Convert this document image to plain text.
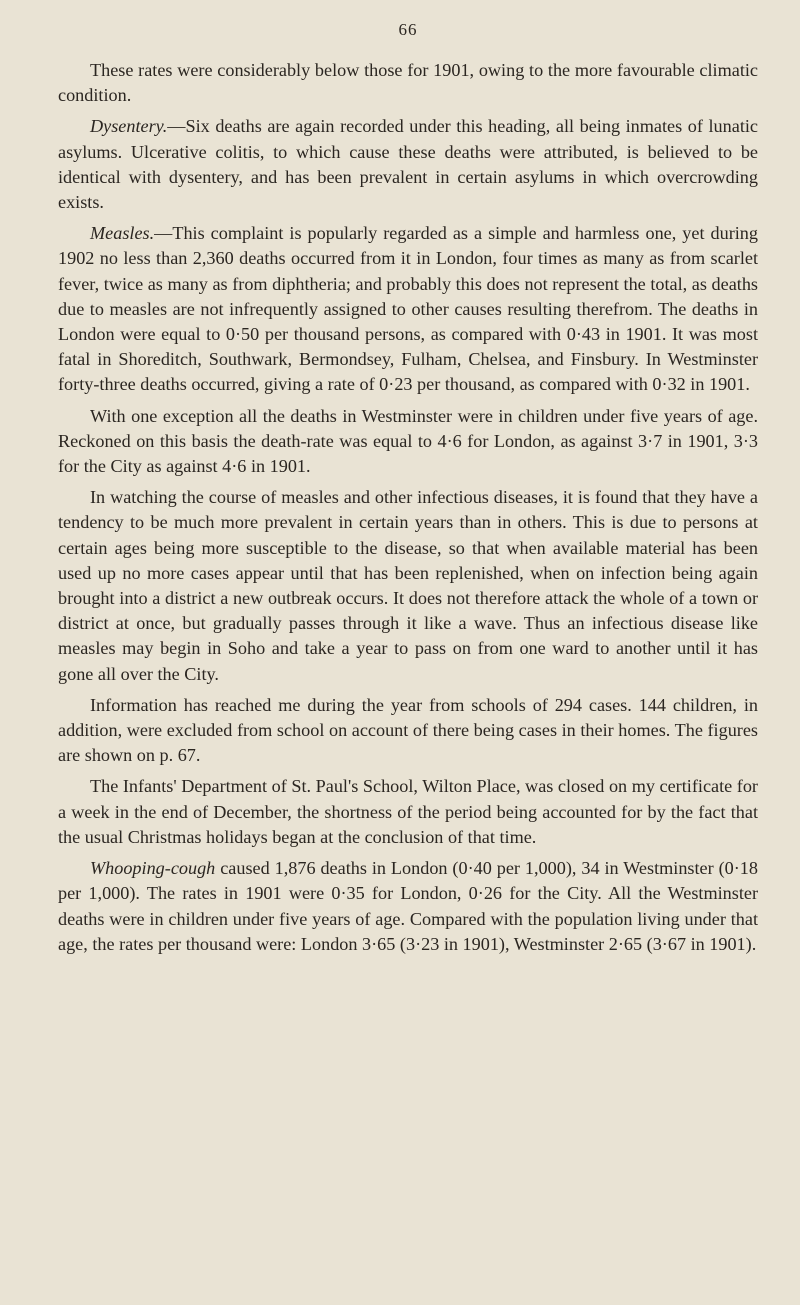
66

These rates were considerably below those for 1901, owing to the more favourable climatic condition.

Dysentery.—Six deaths are again recorded under this heading, all being inmates of lunatic asylums. Ulcerative colitis, to which cause these deaths were attributed, is believed to be identical with dysentery, and has been prevalent in certain asylums in which overcrowding exists.

Measles.—This complaint is popularly regarded as a simple and harmless one, yet during 1902 no less than 2,360 deaths occurred from it in London, four times as many as from scarlet fever, twice as many as from diphtheria; and probably this does not represent the total, as deaths due to measles are not infrequently assigned to other causes resulting therefrom. The deaths in London were equal to 0·50 per thousand persons, as compared with 0·43 in 1901. It was most fatal in Shoreditch, Southwark, Bermondsey, Fulham, Chelsea, and Finsbury. In Westminster forty-three deaths occurred, giving a rate of 0·23 per thousand, as compared with 0·32 in 1901.

With one exception all the deaths in Westminster were in children under five years of age. Reckoned on this basis the death-rate was equal to 4·6 for London, as against 3·7 in 1901, 3·3 for the City as against 4·6 in 1901.

In watching the course of measles and other infectious diseases, it is found that they have a tendency to be much more prevalent in certain years than in others. This is due to persons at certain ages being more susceptible to the disease, so that when available material has been used up no more cases appear until that has been replenished, when on infection being again brought into a district a new outbreak occurs. It does not therefore attack the whole of a town or district at once, but gradually passes through it like a wave. Thus an infectious disease like measles may begin in Soho and take a year to pass on from one ward to another until it has gone all over the City.

Information has reached me during the year from schools of 294 cases. 144 children, in addition, were excluded from school on account of there being cases in their homes. The figures are shown on p. 67.

The Infants' Department of St. Paul's School, Wilton Place, was closed on my certificate for a week in the end of December, the shortness of the period being accounted for by the fact that the usual Christmas holidays began at the conclusion of that time.

Whooping-cough caused 1,876 deaths in London (0·40 per 1,000), 34 in Westminster (0·18 per 1,000). The rates in 1901 were 0·35 for London, 0·26 for the City. All the Westminster deaths were in children under five years of age. Compared with the population living under that age, the rates per thousand were: London 3·65 (3·23 in 1901), Westminster 2·65 (3·67 in 1901).
